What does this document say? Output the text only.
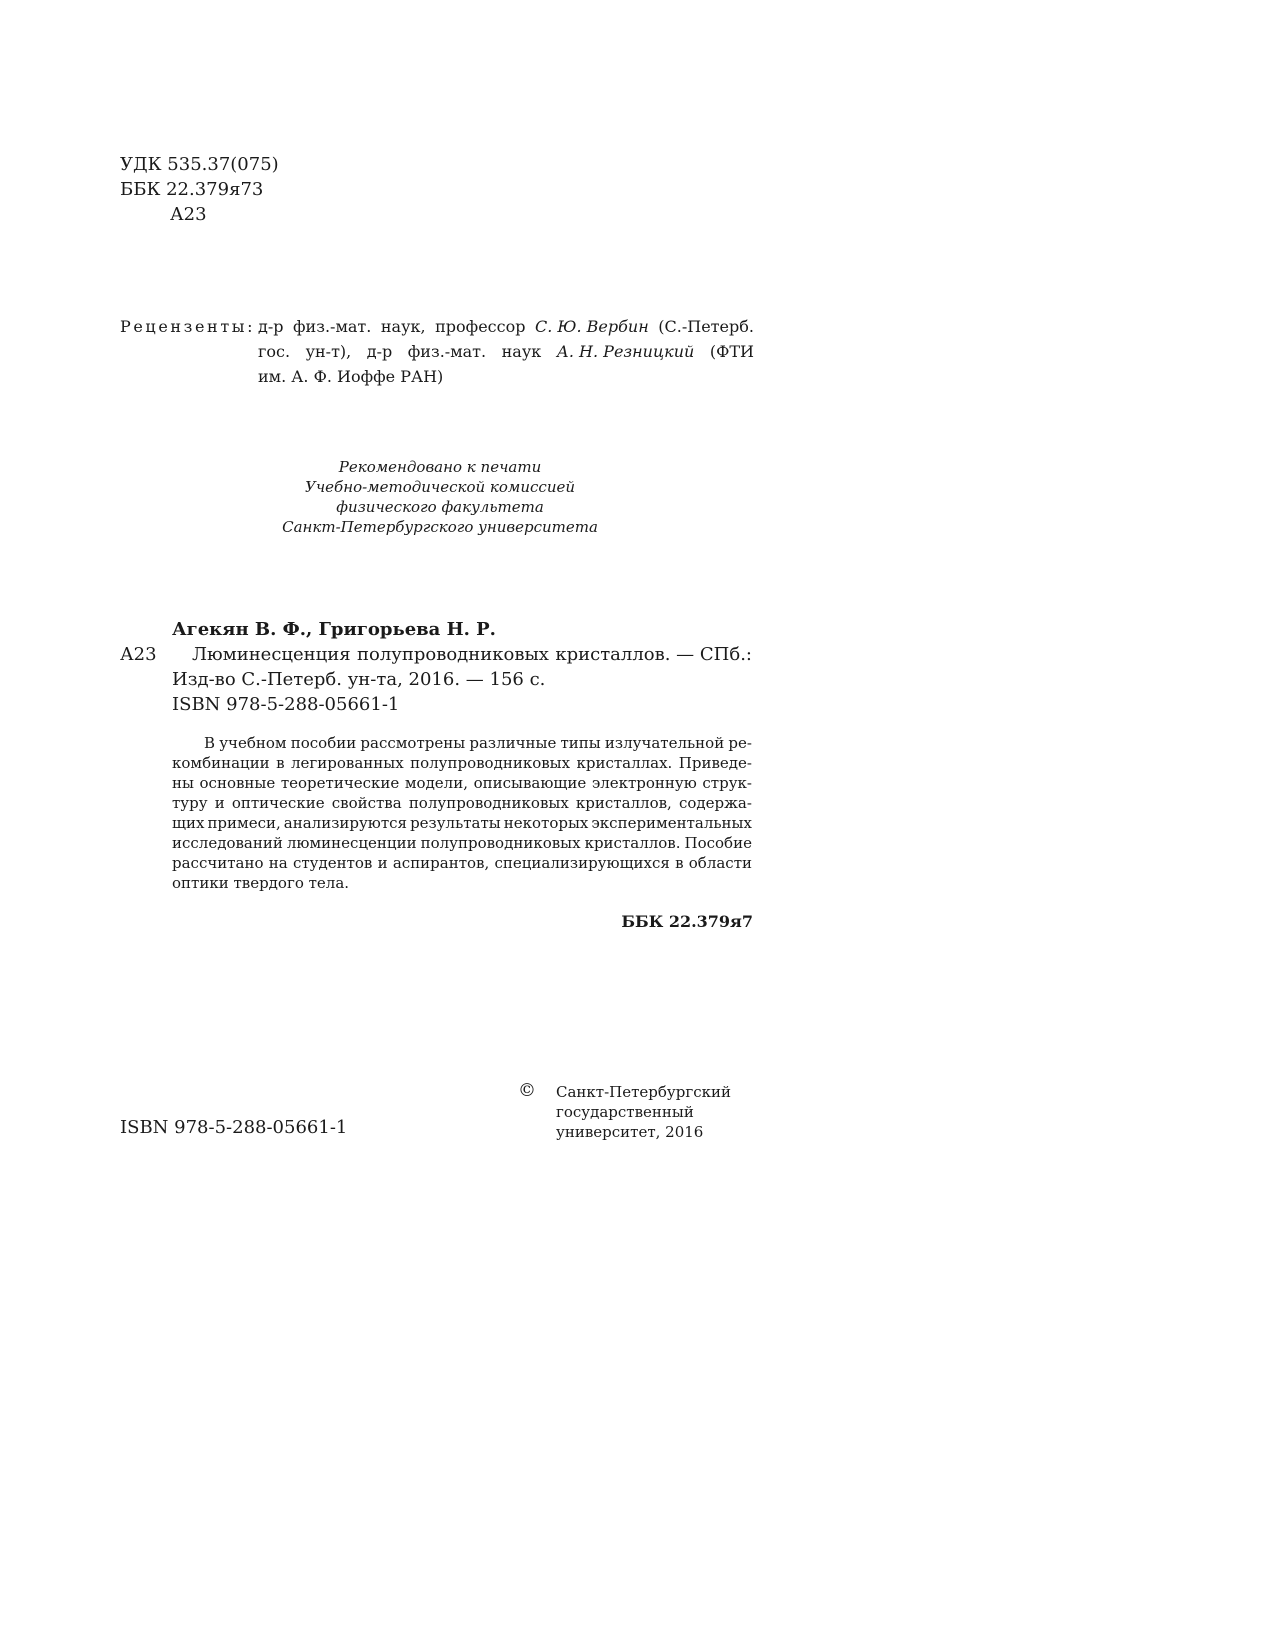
УДК 535.37(075)
ББК 22.379я73
А23
Рецензенты: д-р физ.-мат. наук, профессор С. Ю. Вербин (С.-Петерб.
гос. ун-т), д-р физ.-мат. наук А. Н. Резницкий (ФТИ
им. А. Ф. Иоффе РАН)
Рекомендовано к печати
Учебно-методической комиссией
физического факультета
Санкт-Петербургского университета
Агекян В. Ф., Григорьева Н. Р.
А23 Люминесценция полупроводниковых кристаллов. — СПб.:
Изд-во С.-Петерб. ун-та, 2016. — 156 с.
ISBN 978-5-288-05661-1
В учебном пособии рассмотрены различные типы излучательной ре-
комбинации в легированных полупроводниковых кристаллах. Приведе-
ны основные теоретические модели, описывающие электронную струк-
туру и оптические свойства полупроводниковых кристаллов, содержа-
щих примеси, анализируются результаты некоторых экспериментальных
исследований люминесценции полупроводниковых кристаллов. Пособие
рассчитано на студентов и аспирантов, специализирующихся в области
оптики твердого тела.
ББК 22.379я7
ISBN 978-5-288-05661-1
© Санкт-Петербургский
государственный
университет, 2016
